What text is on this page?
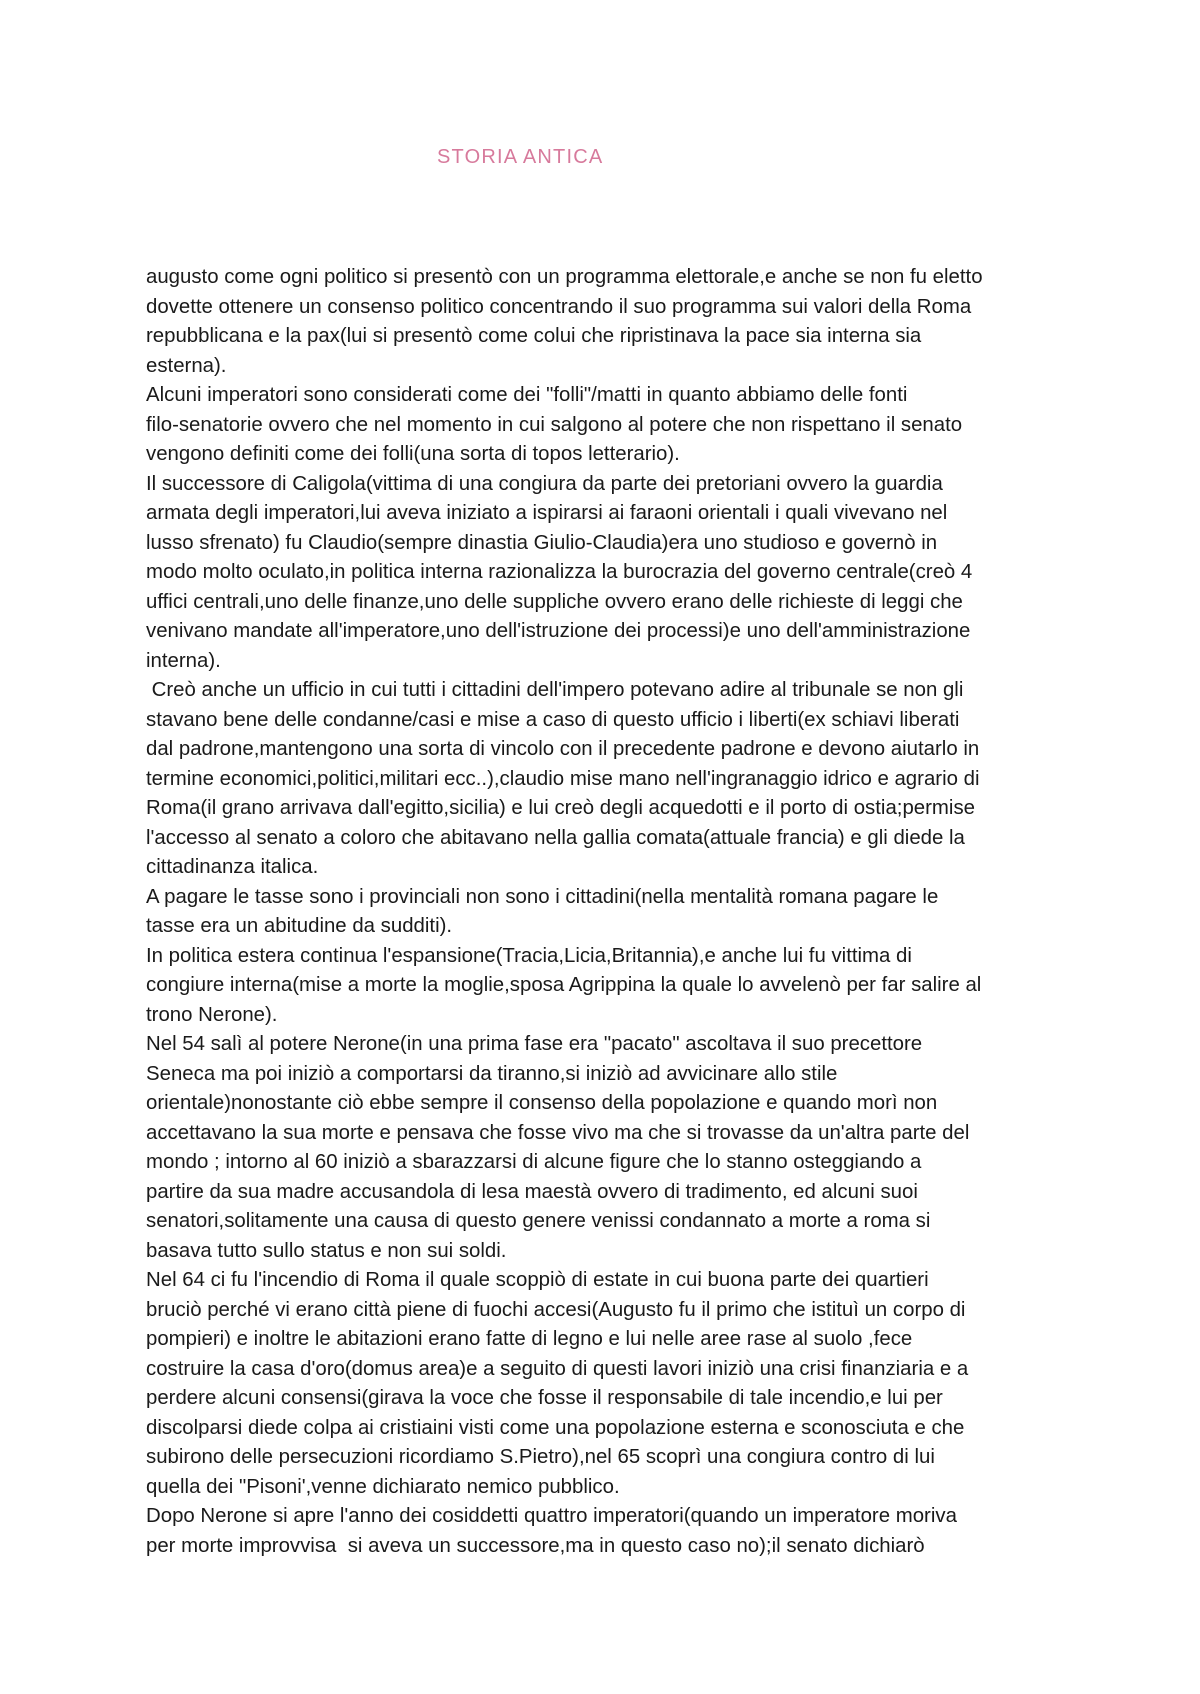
STORIA ANTICA
augusto come ogni politico si presentò con un programma elettorale,e anche se non fu eletto
dovette ottenere un consenso politico concentrando il suo programma sui valori della Roma
repubblicana e la pax(lui si presentò come colui che ripristinava la pace sia interna sia
esterna).
Alcuni imperatori sono considerati come dei "folli"/matti in quanto abbiamo delle fonti
filo-senatorie ovvero che nel momento in cui salgono al potere che non rispettano il senato
vengono definiti come dei folli(una sorta di topos letterario).
Il successore di Caligola(vittima di una congiura da parte dei pretoriani ovvero la guardia
armata degli imperatori,lui aveva iniziato a ispirarsi ai faraoni orientali i quali vivevano nel
lusso sfrenato) fu Claudio(sempre dinastia Giulio-Claudia)era uno studioso e governò in
modo molto oculato,in politica interna razionalizza la burocrazia del governo centrale(creò 4
uffici centrali,uno delle finanze,uno delle suppliche ovvero erano delle richieste di leggi che
venivano mandate all'imperatore,uno dell'istruzione dei processi)e uno dell'amministrazione
interna).
Creò anche un ufficio in cui tutti i cittadini dell'impero potevano adire al tribunale se non gli
stavano bene delle condanne/casi e mise a caso di questo ufficio i liberti(ex schiavi liberati
dal padrone,mantengono una sorta di vincolo con il precedente padrone e devono aiutarlo in
termine economici,politici,militari ecc..),claudio mise mano nell'ingranaggio idrico e agrario di
Roma(il grano arrivava dall'egitto,sicilia) e lui creò degli acquedotti e il porto di ostia;permise
l'accesso al senato a coloro che abitavano nella gallia comata(attuale francia) e gli diede la
cittadinanza italica.
A pagare le tasse sono i provinciali non sono i cittadini(nella mentalità romana pagare le
tasse era un abitudine da sudditi).
In politica estera continua l'espansione(Tracia,Licia,Britannia),e anche lui fu vittima di
congiure interna(mise a morte la moglie,sposa Agrippina la quale lo avvelenò per far salire al
trono Nerone).
Nel 54 salì al potere Nerone(in una prima fase era "pacato" ascoltava il suo precettore
Seneca ma poi iniziò a comportarsi da tiranno,si iniziò ad avvicinare allo stile
orientale)nonostante ciò ebbe sempre il consenso della popolazione e quando morì non
accettavano la sua morte e pensava che fosse vivo ma che si trovasse da un'altra parte del
mondo ; intorno al 60 iniziò a sbarazzarsi di alcune figure che lo stanno osteggiando a
partire da sua madre accusandola di lesa maestà ovvero di tradimento, ed alcuni suoi
senatori,solitamente una causa di questo genere venissi condannato a morte a roma si
basava tutto sullo status e non sui soldi.
Nel 64 ci fu l'incendio di Roma il quale scoppiò di estate in cui buona parte dei quartieri
bruciò perché vi erano città piene di fuochi accesi(Augusto fu il primo che istituì un corpo di
pompieri) e inoltre le abitazioni erano fatte di legno e lui nelle aree rase al suolo ,fece
costruire la casa d'oro(domus area)e a seguito di questi lavori iniziò una crisi finanziaria e a
perdere alcuni consensi(girava la voce che fosse il responsabile di tale incendio,e lui per
discolparsi diede colpa ai cristiaini visti come una popolazione esterna e sconosciuta e che
subirono delle persecuzioni ricordiamo S.Pietro),nel 65 scoprì una congiura contro di lui
quella dei "Pisoni',venne dichiarato nemico pubblico.
Dopo Nerone si apre l'anno dei cosiddetti quattro imperatori(quando un imperatore moriva
per morte improvvisa  si aveva un successore,ma in questo caso no);il senato dichiarò
